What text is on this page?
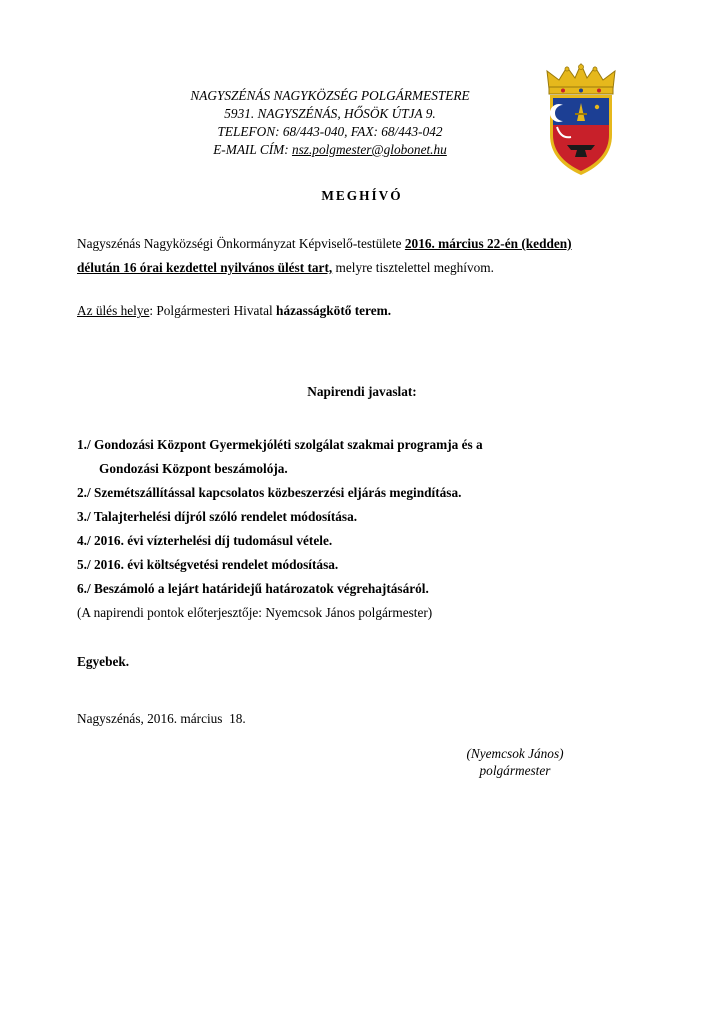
NAGYSZÉNÁS NAGYKÖZSÉG POLGÁRMESTERE
5931. NAGYSZÉNÁS, HŐSÖK ÚTJA 9.
TELEFON: 68/443-040, FAX: 68/443-042
E-MAIL CÍM: nsz.polgmester@globonet.hu
MEGHÍVÓ
Nagyszénás Nagyközségi Önkormányzat Képviselő-testülete 2016. március 22-én (kedden)
délután 16 órai kezdettel nyilvános ülést tart, melyre tisztelettel meghívom.
Az ülés helye: Polgármesteri Hivatal házasságkötő terem.
Napirendi javaslat:
1./ Gondozási Központ Gyermekjóléti szolgálat szakmai programja és a
Gondozási Központ beszámolója.
2./ Szemétszállítással kapcsolatos közbeszerzési eljárás megindítása.
3./ Talajterhelési díjról szóló rendelet módosítása.
4./ 2016. évi vízterhelési díj tudomásul vétele.
5./ 2016. évi költségvetési rendelet módosítása.
6./ Beszámoló a lejárt határidejű határozatok végrehajtásáról.
(A napirendi pontok előterjesztője: Nyemcsok János polgármester)
Egyebek.
Nagyszénás, 2016. március  18.
(Nyemcsok János)
polgármester
